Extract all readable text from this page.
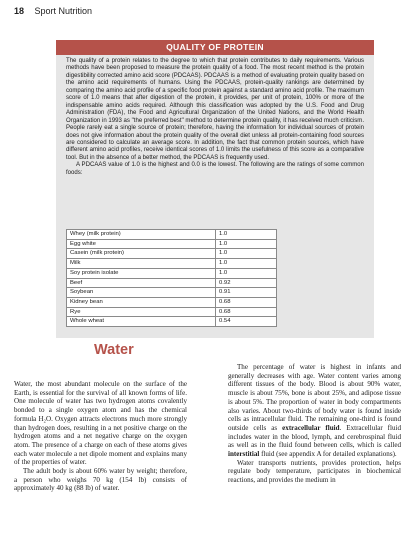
18 Sport Nutrition
QUALITY OF PROTEIN

The quality of a protein relates to the degree to which that protein contributes to daily requirements. Various methods have been proposed to measure the protein quality of a food. The most recent method is the protein digestibility corrected amino acid score (PDCAAS). PDCAAS is a method of evaluating protein quality based on the amino acid requirements of humans. Using the PDCAAS, protein-quality rankings are determined by comparing the amino acid profile of a specific food protein against a standard amino acid profile. The maximum score of 1.0 means that after digestion of the protein, it provides, per unit of protein, 100% or more of the indispensable amino acids required. Although this classification was adopted by the U.S. Food and Drug Administration (FDA), the Food and Agricultural Organization of the United Nations, and the World Health Organization in 1993 as "the preferred best" method to determine protein quality, it has received much criticism. People rarely eat a single source of protein; therefore, having the information for individual sources of protein does not give information about the protein quality of the overall diet unless all protein-containing food sources are considered to calculate an average score. In addition, the fact that common protein sources, which have different amino acid profiles, receive identical scores of 1.0 limits the usefulness of this score as a comparative tool. But in the absence of a better method, the PDCAAS is frequently used.

A PDCAAS value of 1.0 is the highest and 0.0 is the lowest. The following are the ratings of some common foods:

Whey (milk protein)	1.0
Egg white	1.0
Casein (milk protein)	1.0
Milk	1.0
Soy protein isolate	1.0
Beef	0.92
Soybean	0.91
Kidney bean	0.68
Rye	0.68
Whole wheat	0.54
Water

Water, the most abundant molecule on the surface of the Earth, is essential for the survival of all known forms of life. One molecule of water has two hydrogen atoms covalently bonded to a single oxygen atom and has the chemical formula H₂O. Oxygen attracts electrons much more strongly than hydrogen does, resulting in a net positive charge on the hydrogen atoms and a net negative charge on the oxygen atom. The presence of a charge on each of these atoms gives each water molecule a net dipole moment and explains many of the properties of water.

The adult body is about 60% water by weight; therefore, a person who weighs 70 kg (154 lb) consists of approximately 40 kg (88 lb) of water.

The percentage of water is highest in infants and generally decreases with age. Water content varies among different tissues of the body. Blood is about 90% water, muscle is about 75%, bone is about 25%, and adipose tissue is about 5%. The proportion of water in body compartments also varies. About two-thirds of body water is found inside cells as intracellular fluid. The remaining one-third is found outside cells as extracellular fluid. Extracellular fluid includes water in the blood, lymph, and cerebrospinal fluid as well as in the fluid found between cells, which is called interstitial fluid (see appendix A for detailed explanations).

Water transports nutrients, provides protection, helps regulate body temperature, participates in biochemical reactions, and provides the medium in
